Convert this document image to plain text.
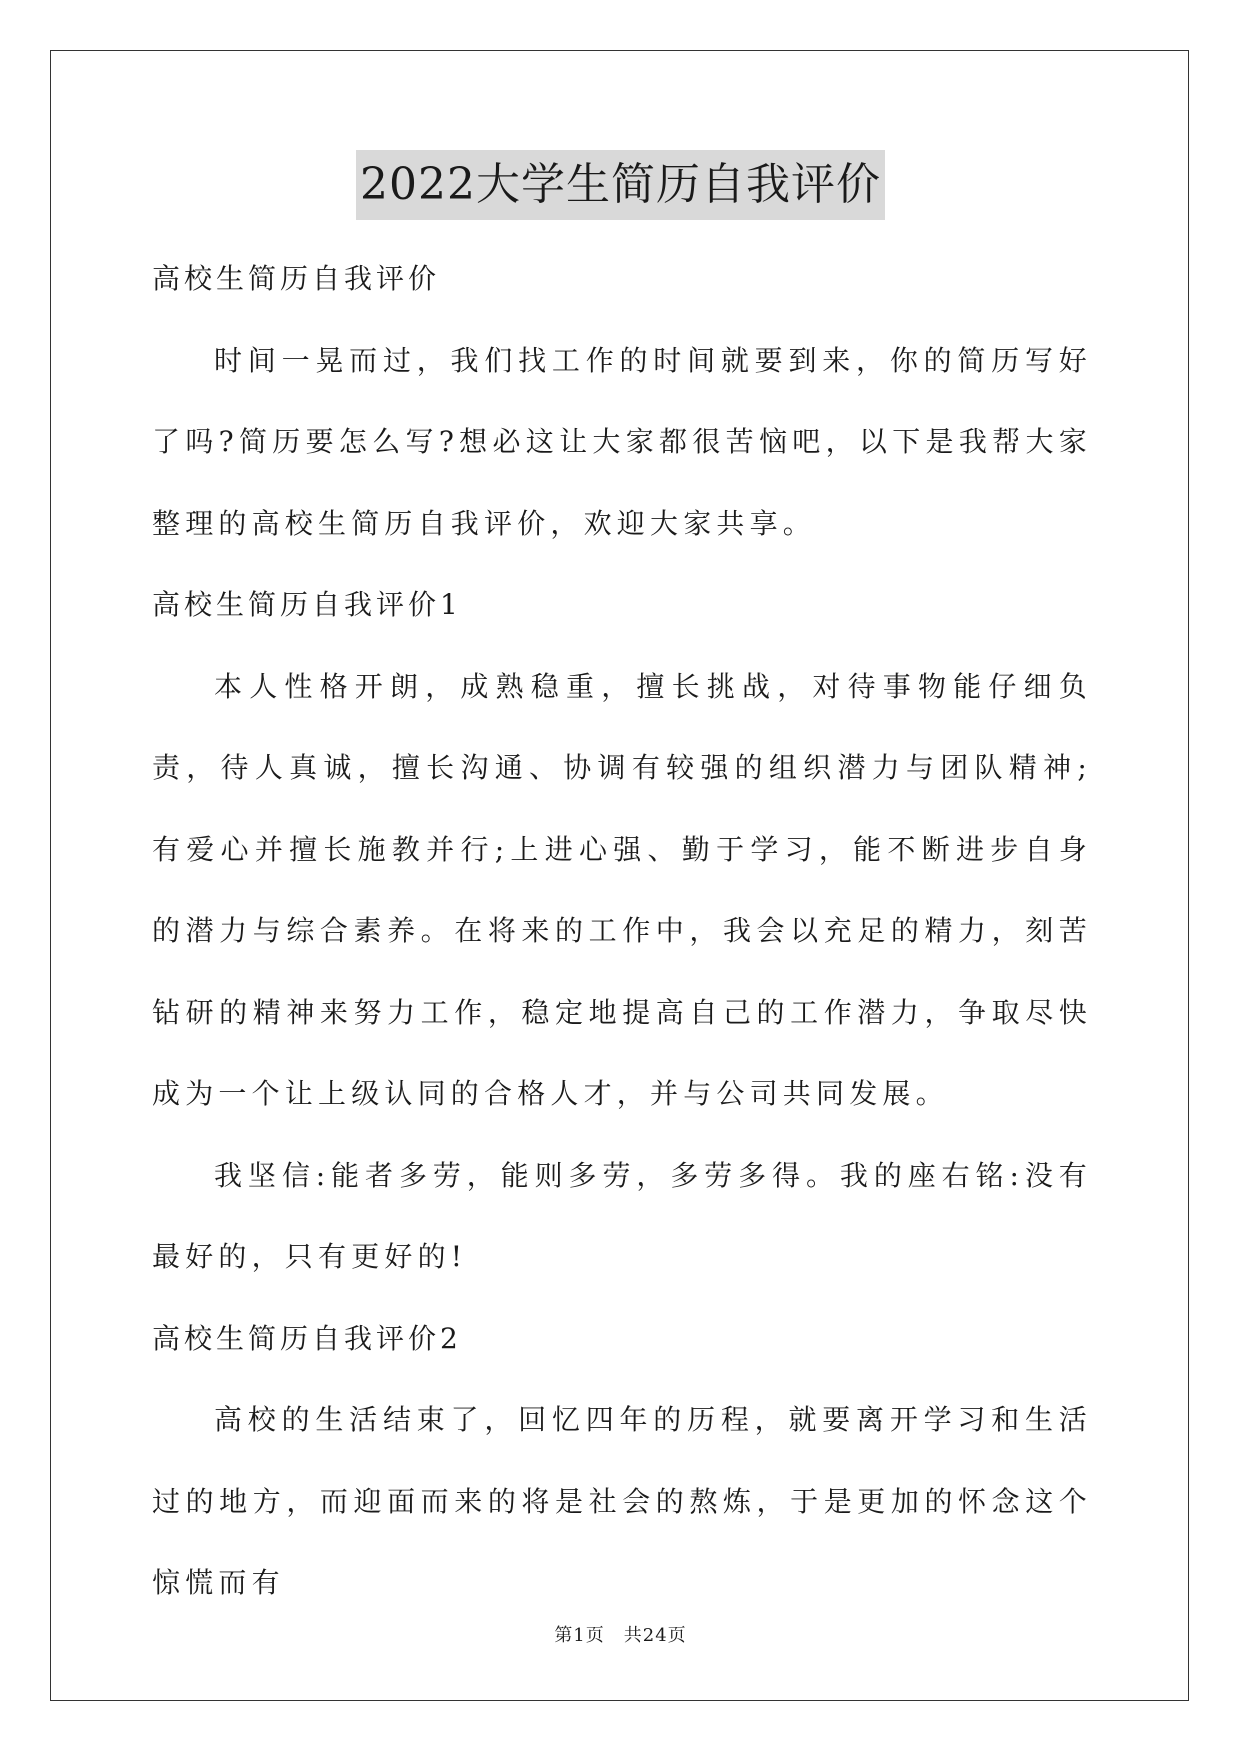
2022大学生简历自我评价

高校生简历自我评价

时间一晃而过，我们找工作的时间就要到来，你的简历写好了吗?简历要怎么写?想必这让大家都很苦恼吧，以下是我帮大家整理的高校生简历自我评价，欢迎大家共享。

高校生简历自我评价1

本人性格开朗，成熟稳重，擅长挑战，对待事物能仔细负责，待人真诚，擅长沟通、协调有较强的组织潜力与团队精神;有爱心并擅长施教并行;上进心强、勤于学习，能不断进步自身的潜力与综合素养。在将来的工作中，我会以充足的精力，刻苦钻研的精神来努力工作，稳定地提高自己的工作潜力，争取尽快成为一个让上级认同的合格人才，并与公司共同发展。

我坚信:能者多劳，能则多劳，多劳多得。我的座右铭:没有最好的，只有更好的!

高校生简历自我评价2

高校的生活结束了，回忆四年的历程，就要离开学习和生活过的地方，而迎面而来的将是社会的熬炼，于是更加的怀念这个惊慌而有

第1页　共24页
